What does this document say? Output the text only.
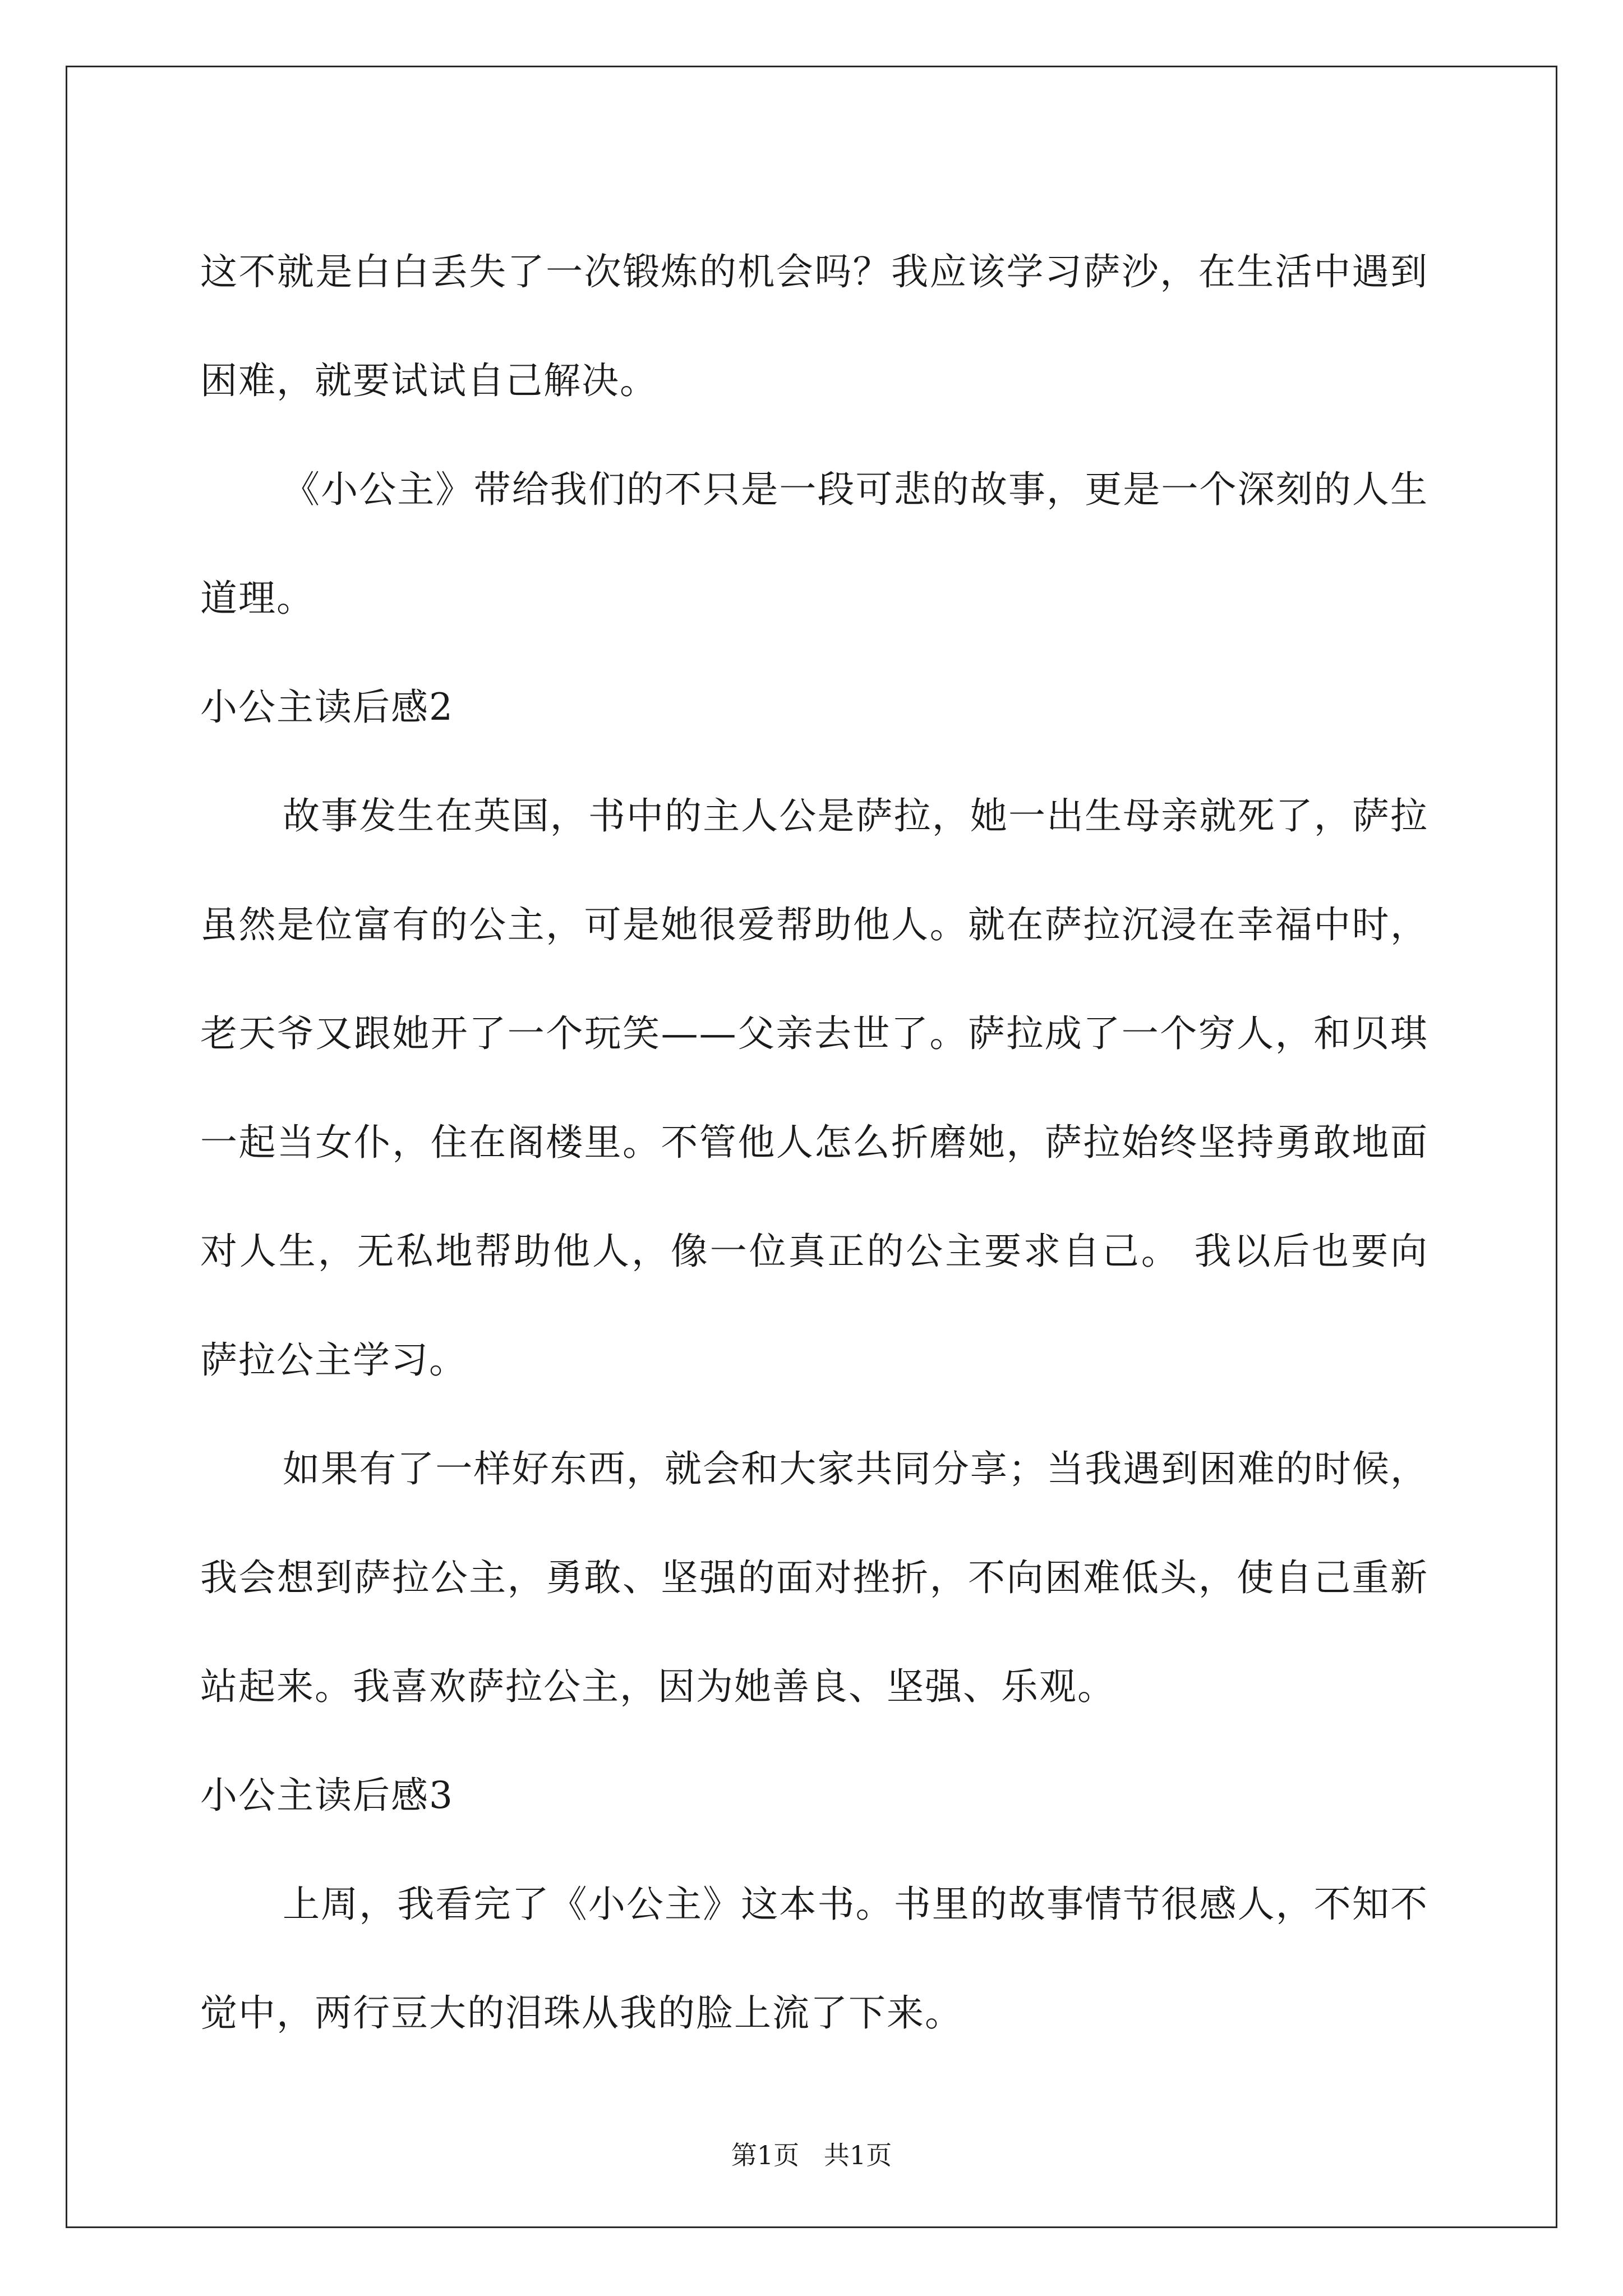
这不就是白白丢失了一次锻炼的机会吗？我应该学习萨沙，在生活中遇到困难，就要试试自己解决。

《小公主》带给我们的不只是一段可悲的故事，更是一个深刻的人生道理。

小公主读后感2

故事发生在英国，书中的主人公是萨拉，她一出生母亲就死了，萨拉虽然是位富有的公主，可是她很爱帮助他人。就在萨拉沉浸在幸福中时，老天爷又跟她开了一个玩笑——父亲去世了。萨拉成了一个穷人，和贝琪一起当女仆，住在阁楼里。不管他人怎么折磨她，萨拉始终坚持勇敢地面对人生，无私地帮助他人，像一位真正的公主要求自己。 我以后也要向萨拉公主学习。

如果有了一样好东西，就会和大家共同分享；当我遇到困难的时候，我会想到萨拉公主，勇敢、坚强的面对挫折，不向困难低头，使自己重新站起来。我喜欢萨拉公主，因为她善良、坚强、乐观。

小公主读后感3

上周，我看完了《小公主》这本书。书里的故事情节很感人，不知不觉中，两行豆大的泪珠从我的脸上流了下来。

第1页   共1页
